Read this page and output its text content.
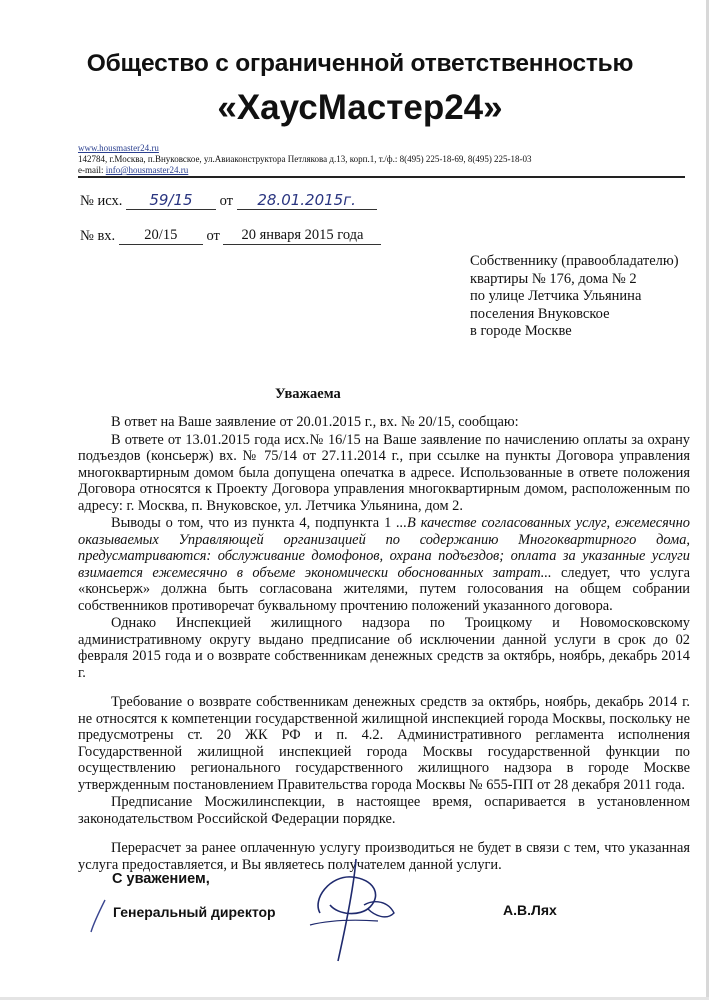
Общество с ограниченной ответственностью
«ХаусМастер24»
www.housmaster24.ru
142784, г.Москва, п.Внуковское, ул.Авиаконструктора Петлякова д.13, корп.1, т./ф.: 8(495) 225-18-69, 8(495) 225-18-03
e-mail: info@housmaster24.ru
№ исх. 59/15 от 28.01.2015г.
№ вх. 20/15 от 20 января 2015 года
Собственнику (правообладателю)
квартиры № 176, дома № 2
по улице Летчика Ульянина
поселения Внуковское
в городе Москве
Уважаема

В ответ на Ваше заявление от 20.01.2015 г., вх. № 20/15, сообщаю:

В ответе от 13.01.2015 года исх.№ 16/15 на Ваше заявление по начислению оплаты за охрану подъездов (консьерж) вх. № 75/14 от 27.11.2014 г., при ссылке на пункты Договора управления многоквартирным домом была допущена опечатка в адресе. Использованные в ответе положения Договора относятся к Проекту Договора управления многоквартирным домом, расположенным по адресу: г. Москва, п. Внуковское, ул. Летчика Ульянина, дом 2.

Выводы о том, что из пункта 4, подпункта 1 ...В качестве согласованных услуг, ежемесячно оказываемых Управляющей организацией по содержанию Многоквартирного дома, предусматриваются: обслуживание домофонов, охрана подъездов; оплата за указанные услуги взимается ежемесячно в объеме экономически обоснованных затрат... следует, что услуга «консьерж» должна быть согласована жителями, путем голосования на общем собрании собственников противоречат буквальному прочтению положений указанного договора.

Однако Инспекцией жилищного надзора по Троицкому и Новомосковскому административному округу выдано предписание об исключении данной услуги в срок до 02 февраля 2015 года и о возврате собственникам денежных средств за октябрь, ноябрь, декабрь 2014 г.

Требование о возврате собственникам денежных средств за октябрь, ноябрь, декабрь 2014 г. не относятся к компетенции государственной жилищной инспекцией города Москвы, поскольку не предусмотрены ст. 20 ЖК РФ и п. 4.2. Административного регламента исполнения Государственной жилищной инспекцией города Москвы государственной функции по осуществлению регионального государственного жилищного надзора в городе Москве утвержденным постановлением Правительства города Москвы № 655-ПП от 28 декабря 2011 года.

Предписание Мосжилинспекции, в настоящее время, оспаривается в установленном законодательством Российской Федерации порядке.

Перерасчет за ранее оплаченную услугу производиться не будет в связи с тем, что указанная услуга предоставляется, и Вы являетесь получателем данной услуги.

С уважением,
Генеральный директор	А.В.Лях
